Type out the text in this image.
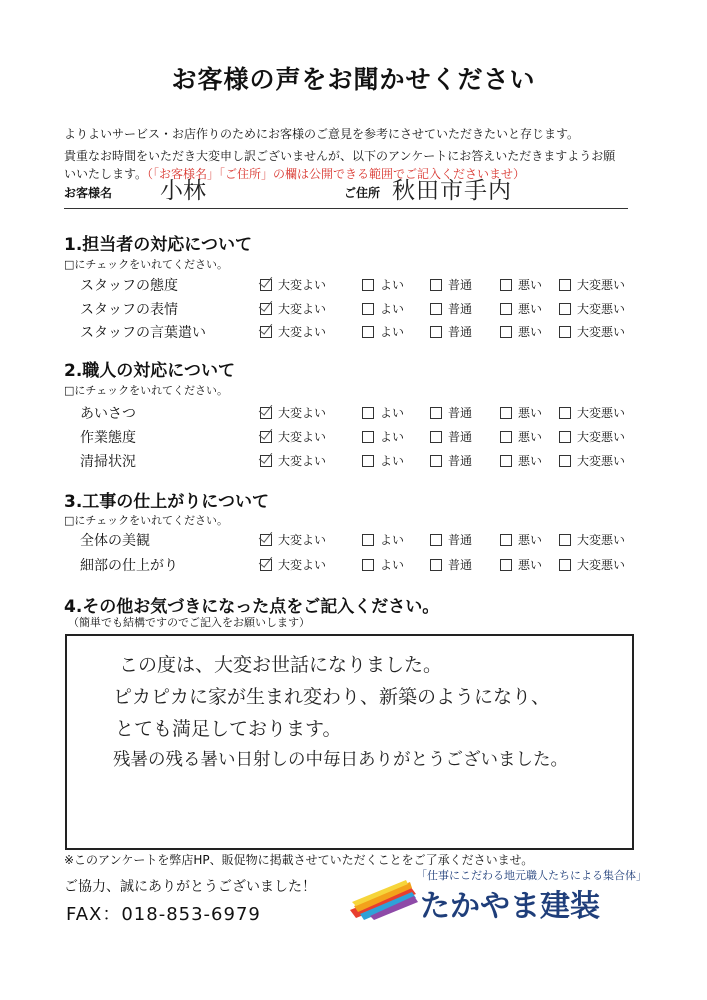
お客様の声をお聞かせください
よりよいサービス・お店作りのためにお客様のご意見を参考にさせていただきたいと存じます。
貴重なお時間をいただき大変申し訳ございませんが、以下のアンケートにお答えいただきますようお願
いいたします。（「お客様名」「ご住所」の欄は公開できる範囲でご記入くださいませ）
お客様名 小林	ご住所 秋田市手内
1.担当者の対応について
□にチェックをいれてください。
2.職人の対応について
□にチェックをいれてください。
3.工事の仕上がりについて
□にチェックをいれてください。
スタッフの態度	大変よい	よい	普通	悪い	大変悪い
スタッフの表情	大変よい	よい	普通	悪い	大変悪い
スタッフの言葉遣い	大変よい	よい	普通	悪い	大変悪い
あいさつ	大変よい	よい	普通	悪い	大変悪い
作業態度	大変よい	よい	普通	悪い	大変悪い
清掃状況	大変よい	よい	普通	悪い	大変悪い
全体の美観	大変よい	よい	普通	悪い	大変悪い
細部の仕上がり	大変よい	よい	普通	悪い	大変悪い
4.その他お気づきになった点をご記入ください。
（簡単でも結構ですのでご記入をお願いします）
この度は、大変お世話になりました。
ピカピカに家が生まれ変わり、新築のようになり、
とても満足しております。
残暑の残る暑い日射しの中毎日ありがとうございました。
※このアンケートを弊店HP、販促物に掲載させていただくことをご了承くださいませ。
ご協力、誠にありがとうございました！
FAX：018-853-6979
「仕事にこだわる地元職人たちによる集合体」
たかやま建装
